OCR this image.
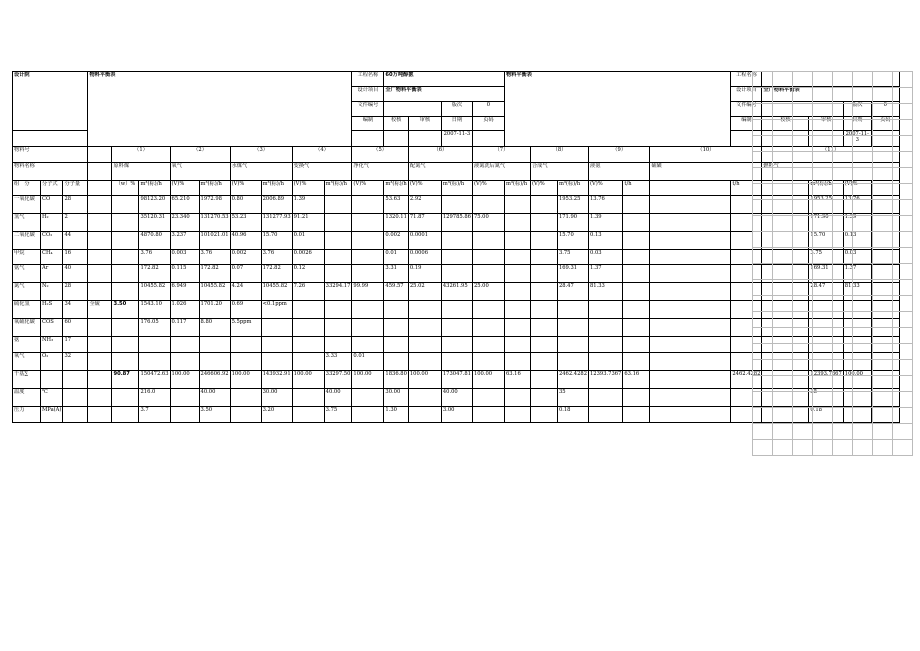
设计院			物料平衡表									工程名称	60万吨醇氨				物料平衡表						工程名称				
												设计项目	全厂物料平衡表										设计项目	全厂物料平衡表			
												文件编号			版次	0							文件编号			版次	0
												编制	校核	审核	日期	页码							编制	校核	审核	日期	页码
															2007-11-3											2007-11-3	
物料号				（1）		（2）		（3）		（4）		（5）		（6）		（7）		（8）		（9）		（10）		（11）			
物料名称				原料煤		氧气		水煤气		变换气		净化气		配氮气		液氮洗后氮气		合成气		液氨		硫磺		燃料气			
组　分	分子式	分子量		（w）%	m³(标)/h	(V)%	m³(标)/h	(V)%	m³(标)/h	(V)%	m³(标)/h	(V)%	m³(标)/h	(V)%	m³(标)/h	(V)%	m³(标)/h	(V)%	m³(标)/h	(V)%	t/h		t/h		m³(标)/h	(V)%	
一氧化碳	CO	28			98123.20	65.210	1972.98	0.80	2006.89	1.39			53.63	2.92					1953.25	13.76					1953.25	13.76	
氢气	H₂	2			35120.31	23.340	131270.53	53.23	131277.93	91.21			1320.11	71.87	129785.86	75.00			171.90	1.39					171.90	1.39	
二氧化碳	CO₂	44			4870.80	3.237	101021.01	40.96	15.70	0.01			0.002	0.0001					15.70	0.13					15.70	0.13	
甲烷	CH₄	16			3.76	0.003	3.76	0.002	3.76	0.0026			0.01	0.0006					3.75	0.03					3.75	0.03	
氩气	Ar	40			172.82	0.115	172.82	0.07	172.82	0.12			3.31	0.19					169.31	1.37					169.31	1.37	
氮气	N₂	28			10455.82	6.949	10455.82	4.24	10455.82	7.26	33294.17	99.99	459.57	25.02	43261.95	25.00			28.47	81.33					28.47	81.33	
硫化氢	H₂S	34	全硫	3.50	1543.10	1.026	1701.20	0.69	<0.1ppm																		
氧硫化碳	COS	60			176.05	0.117	8.80	5.5ppm																			
氨	NH₃	17																									
氧气	O₂	32									3.33	0.01															
干基∑				90.87	150472.63	100.00	246606.92	100.00	143932.91	100.00	33297.50	100.00	1836.80	100.00	173047.81	100.00	63.16		2462.4282	12393.7367	63.16		2462.4282		12393.7367	100.00	
温度	℃				216.0		40.00		30.00		40.00		30.00		40.00				35						35		
压力	MPa(A)				3.7		3.50		3.20		3.75		1.30		3.00				0.18						0.18		
